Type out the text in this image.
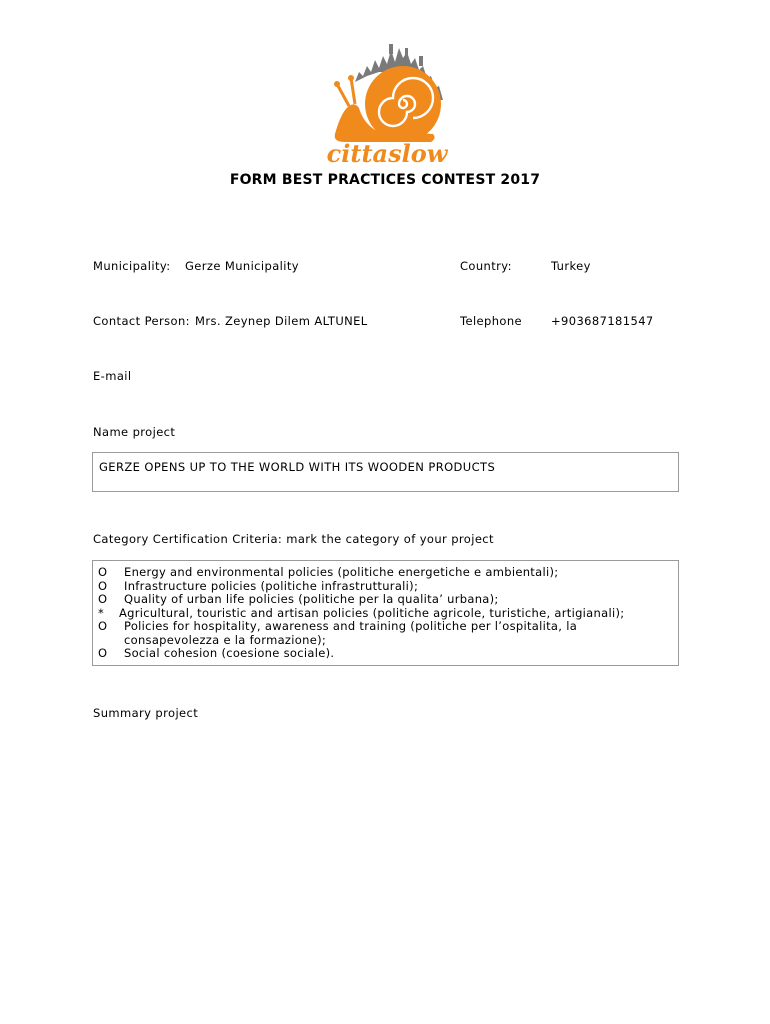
cittaslow
FORM BEST PRACTICES CONTEST 2017
Municipality: Gerze Municipality	Country:	Turkey
Contact Person: Mrs. Zeynep Dilem ALTUNEL	Telephone	+903687181547
E-mail
Name project
GERZE OPENS UP TO THE WORLD WITH ITS WOODEN PRODUCTS
Category Certification Criteria: mark the category of your project
O	Energy and environmental policies (politiche energetiche e ambientali);
O	Infrastructure policies (politiche infrastrutturali);
O	Quality of urban life policies (politiche per la qualita’ urbana);
*	Agricultural, touristic and artisan policies (politiche agricole, turistiche, artigianali);
O	Policies for hospitality, awareness and training (politiche per l’ospitalita, la consapevolezza e la formazione);
O	Social cohesion (coesione sociale).
Summary project
